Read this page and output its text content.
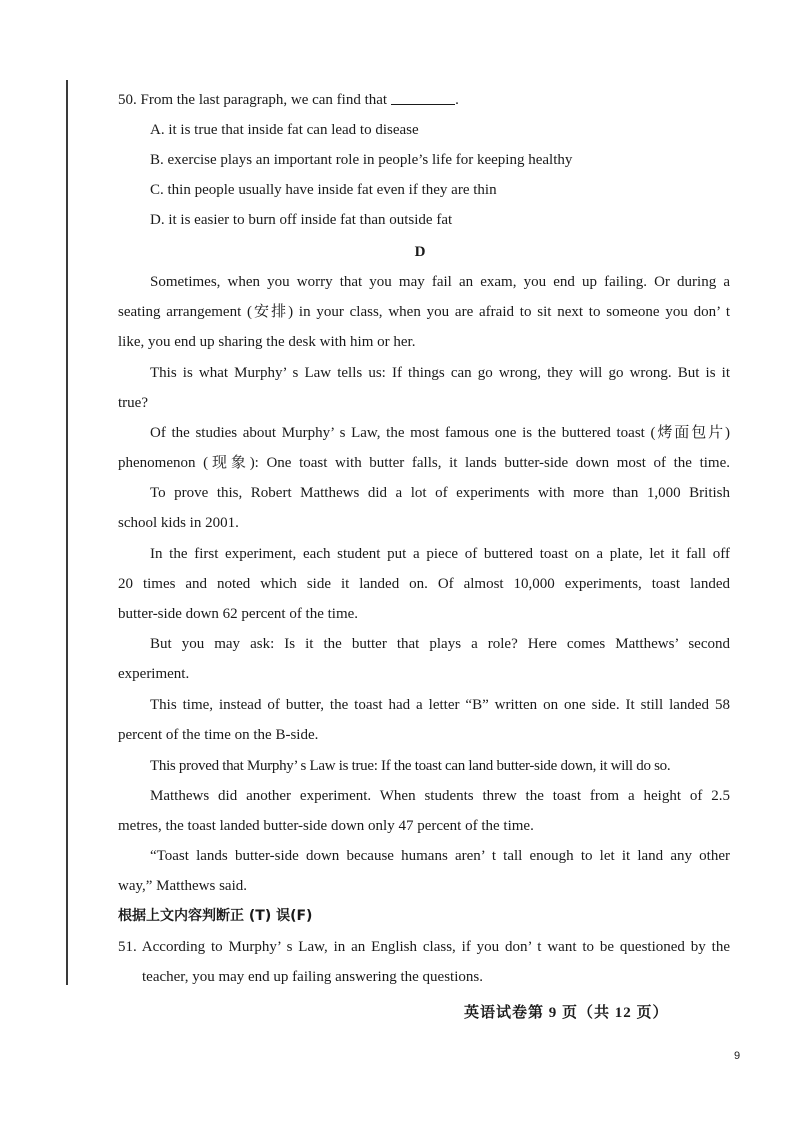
50. From the last paragraph, we can find that	.
A. it is true that inside fat can lead to disease
B. exercise plays an important role in people’s life for keeping healthy
C. thin people usually have inside fat even if they are thin
D. it is easier to burn off inside fat than outside fat
D
Sometimes, when you worry that you may fail an exam, you end up failing. Or during a
seating arrangement (安排) in your class, when you are afraid to sit next to someone you don’ t
like, you end up sharing the desk with him or her.
This is what Murphy’ s Law tells us: If things can go wrong, they will go wrong. But is it
true?
Of the studies about Murphy’ s Law, the most famous one is the buttered toast (烤面包片)
phenomenon (现象): One toast with butter falls, it lands butter-side down most of the time.
To prove this, Robert Matthews did a lot of experiments with more than 1,000 British
school kids in 2001.
In the first experiment, each student put a piece of buttered toast on a plate, let it fall off
20 times and noted which side it landed on. Of almost 10,000 experiments, toast landed
butter-side down 62 percent of the time.
But you may ask: Is it the butter that plays a role? Here comes Matthews’ second
experiment.
This time, instead of butter, the toast had a letter “B” written on one side. It still landed 58
percent of the time on the B-side.
This proved that Murphy’ s Law is true: If the toast can land butter-side down, it will do so.
Matthews did another experiment. When students threw the toast from a height of 2.5
metres, the toast landed butter-side down only 47 percent of the time.
“Toast lands butter-side down because humans aren’ t tall enough to let it land any other
way,” Matthews said.
根据上文内容判断正 (T) 误(F)
51. According to Murphy’ s Law, in an English class, if you don’ t want to be questioned by the
teacher, you may end up failing answering the questions.
英语试卷第 9 页（共 12 页）
9
